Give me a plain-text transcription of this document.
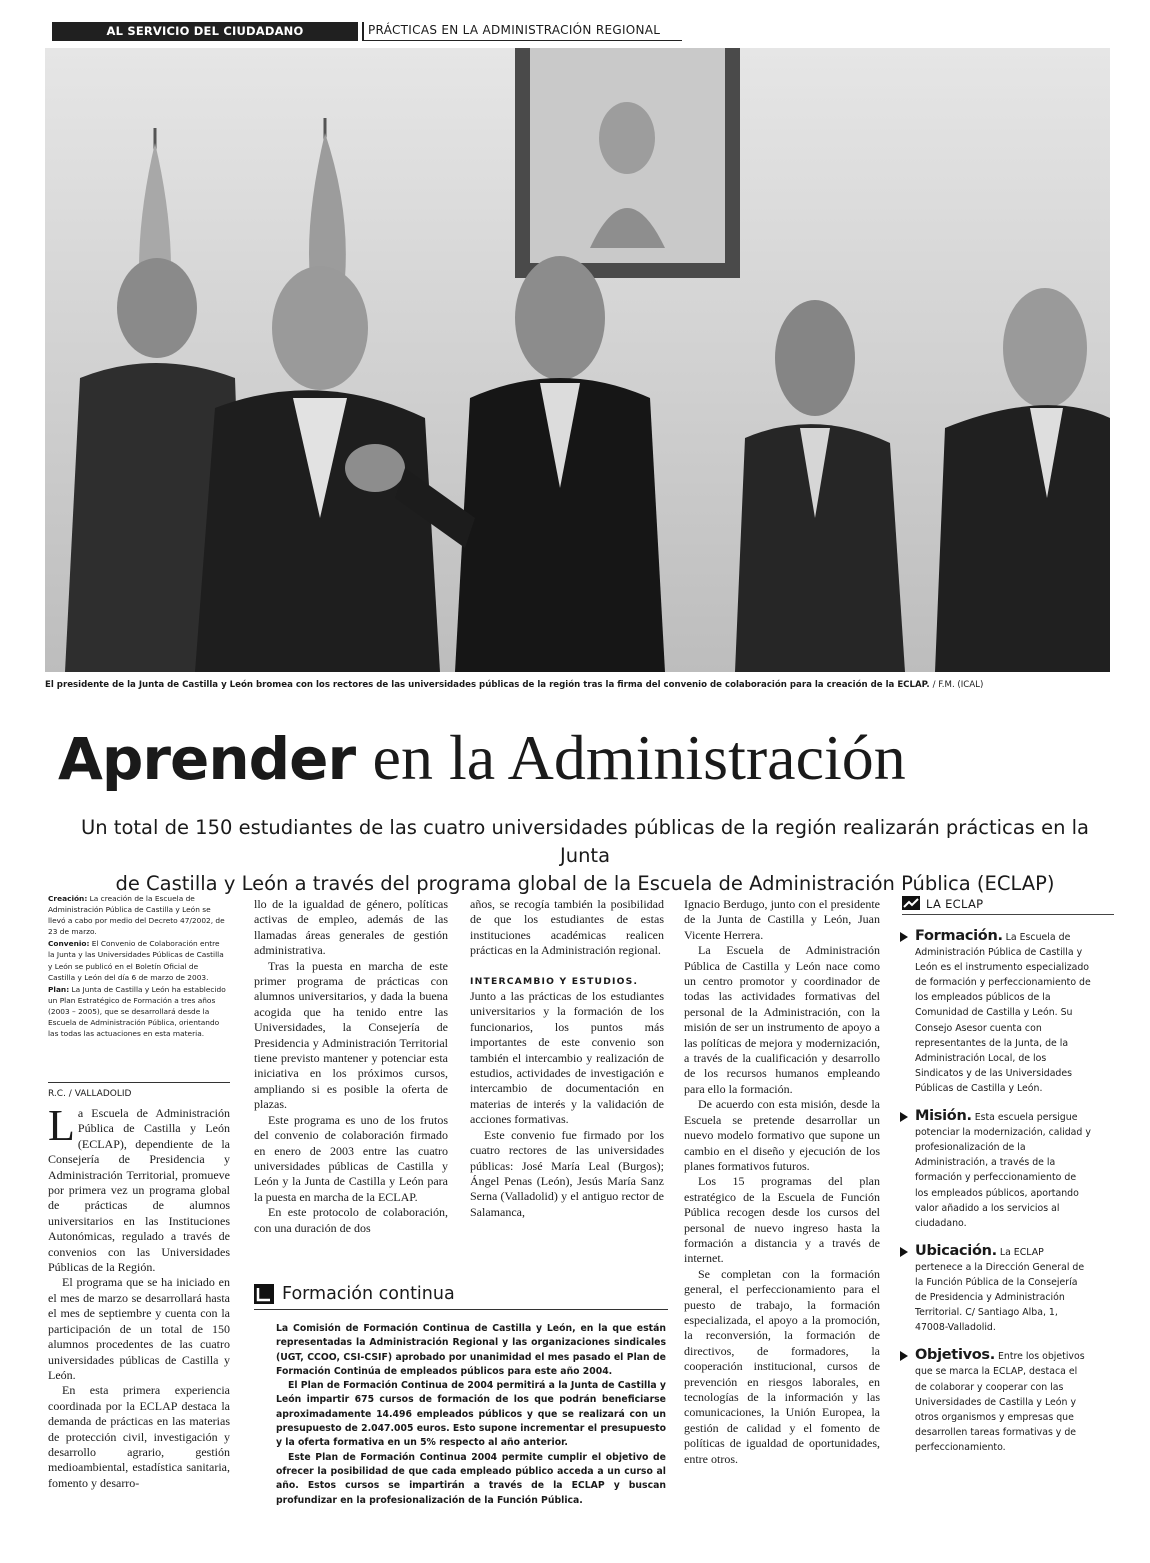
AL SERVICIO DEL CIUDADANO	PRÁCTICAS EN LA ADMINISTRACIÓN REGIONAL
El presidente de la Junta de Castilla y León bromea con los rectores de las universidades públicas de la región tras la firma del convenio de colaboración para la creación de la ECLAP. / F.M. (ICAL)
Aprender en la Administración
Un total de 150 estudiantes de las cuatro universidades públicas de la región realizarán prácticas en la Junta
de Castilla y León a través del programa global de la Escuela de Administración Pública (ECLAP)

Creación: La creación de la Escuela de Administración Pública de Castilla y León se llevó a cabo por medio del Decreto 47/2002, de 23 de marzo.

Convenio: El Convenio de Colaboración entre la Junta y las Universidades Públicas de Castilla y León se publicó en el Boletín Oficial de Castilla y León del día 6 de marzo de 2003.

Plan: La Junta de Castilla y León ha establecido un Plan Estratégico de Formación a tres años (2003 – 2005), que se desarrollará desde la Escuela de Administración Pública, orientando las todas las actuaciones en esta materia.

R.C. / VALLADOLID

La Escuela de Administración Pública de Castilla y León (ECLAP), dependiente de la Consejería de Presidencia y Administración Territorial, promueve por primera vez un programa global de prácticas de alumnos universitarios en las Instituciones Autonómicas, regulado a través de convenios con las Universidades Públicas de la Región.

El programa que se ha iniciado en el mes de marzo se desarrollará hasta el mes de septiembre y cuenta con la participación de un total de 150 alumnos procedentes de las cuatro universidades públicas de Castilla y León.

En esta primera experiencia coordinada por la ECLAP destaca la demanda de prácticas en las materias de protección civil, investigación y desarrollo agrario, gestión medioambiental, estadística sanitaria, fomento y desarro-

llo de la igualdad de género, políticas activas de empleo, además de las llamadas áreas generales de gestión administrativa.

Tras la puesta en marcha de este primer programa de prácticas con alumnos universitarios, y dada la buena acogida que ha tenido entre las Universidades, la Consejería de Presidencia y Administración Territorial tiene previsto mantener y potenciar esta iniciativa en los próximos cursos, ampliando si es posible la oferta de plazas.

Este programa es uno de los frutos del convenio de colaboración firmado en enero de 2003 entre las cuatro universidades públicas de Castilla y León y la Junta de Castilla y León para la puesta en marcha de la ECLAP.

En este protocolo de colaboración, con una duración de dos

años, se recogía también la posibilidad de que los estudiantes de estas instituciones académicas realicen prácticas en la Administración regional.

INTERCAMBIO Y ESTUDIOS.

Junto a las prácticas de los estudiantes universitarios y la formación de los funcionarios, los puntos más importantes de este convenio son también el intercambio y realización de estudios, actividades de investigación e intercambio de documentación en materias de interés y la validación de acciones formativas.

Este convenio fue firmado por los cuatro rectores de las universidades públicas: José María Leal (Burgos); Ángel Penas (León), Jesús María Sanz Serna (Valladolid) y el antiguo rector de Salamanca,

Ignacio Berdugo, junto con el presidente de la Junta de Castilla y León, Juan Vicente Herrera.

La Escuela de Administración Pública de Castilla y León nace como un centro promotor y coordinador de todas las actividades formativas del personal de la Administración, con la misión de ser un instrumento de apoyo a las políticas de mejora y modernización, a través de la cualificación y desarrollo de los recursos humanos empleando para ello la formación.

De acuerdo con esta misión, desde la Escuela se pretende desarrollar un nuevo modelo formativo que supone un cambio en el diseño y ejecución de los planes formativos futuros.

Los 15 programas del plan estratégico de la Escuela de Función Pública recogen desde los cursos del personal de nuevo ingreso hasta la formación a distancia y a través de internet.

Se completan con la formación general, el perfeccionamiento para el puesto de trabajo, la formación especializada, el apoyo a la promoción, la reconversión, la formación de directivos, de formadores, la cooperación institucional, cursos de prevención en riesgos laborales, en tecnologías de la información y las comunicaciones, la Unión Europea, la gestión de calidad y el fomento de políticas de igualdad de oportunidades, entre otros.

Formación continua

La Comisión de Formación Continua de Castilla y León, en la que están representadas la Administración Regional y las organizaciones sindicales (UGT, CCOO, CSI-CSIF) aprobado por unanimidad el mes pasado el Plan de Formación Continúa de empleados públicos para este año 2004.

El Plan de Formación Continua de 2004 permitirá a la Junta de Castilla y León impartir 675 cursos de formación de los que podrán beneficiarse aproximadamente 14.496 empleados públicos y que se realizará con un presupuesto de 2.047.005 euros. Esto supone incrementar el presupuesto y la oferta formativa en un 5% respecto al año anterior.

Este Plan de Formación Continua 2004 permite cumplir el objetivo de ofrecer la posibilidad de que cada empleado público acceda a un curso al año. Estos cursos se impartirán a través de la ECLAP y buscan profundizar en la profesionalización de la Función Pública.

LA ECLAP
Formación. La Escuela de Administración Pública de Castilla y León es el instrumento especializado de formación y perfeccionamiento de los empleados públicos de la Comunidad de Castilla y León. Su Consejo Asesor cuenta con representantes de la Junta, de la Administración Local, de los Sindicatos y de las Universidades Públicas de Castilla y León.
Misión. Esta escuela persigue potenciar la modernización, calidad y profesionalización de la Administración, a través de la formación y perfeccionamiento de los empleados públicos, aportando valor añadido a los servicios al ciudadano.
Ubicación. La ECLAP pertenece a la Dirección General de la Función Pública de la Consejería de Presidencia y Administración Territorial. C/ Santiago Alba, 1, 47008-Valladolid.
Objetivos. Entre los objetivos que se marca la ECLAP, destaca el de colaborar y cooperar con las Universidades de Castilla y León y otros organismos y empresas que desarrollen tareas formativas y de perfeccionamiento.
